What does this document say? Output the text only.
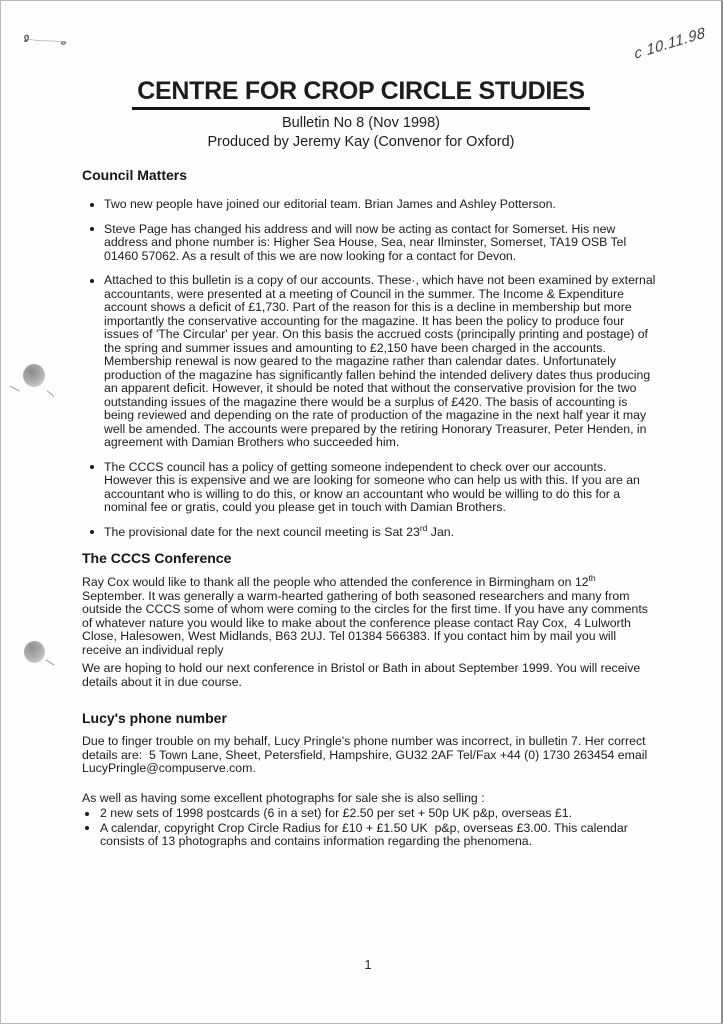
c 10.11.98
CENTRE FOR CROP CIRCLE STUDIES
Bulletin No 8 (Nov 1998)
Produced by Jeremy Kay (Convenor for Oxford)
Council Matters
Two new people have joined our editorial team. Brian James and Ashley Potterson.
Steve Page has changed his address and will now be acting as contact for Somerset. His new address and phone number is: Higher Sea House, Sea, near Ilminster, Somerset, TA19 OSB Tel 01460 57062. As a result of this we are now looking for a contact for Devon.
Attached to this bulletin is a copy of our accounts. These·, which have not been examined by external accountants, were presented at a meeting of Council in the summer. The Income & Expenditure account shows a deficit of £1,730. Part of the reason for this is a decline in membership but more importantly the conservative accounting for the magazine. It has been the policy to produce four issues of 'The Circular' per year. On this basis the accrued costs (principally printing and postage) of the spring and summer issues and amounting to £2,150 have been charged in the accounts. Membership renewal is now geared to the magazine rather than calendar dates. Unfortunately production of the magazine has significantly fallen behind the intended delivery dates thus producing an apparent deficit. However, it should be noted that without the conservative provision for the two outstanding issues of the magazine there would be a surplus of £420. The basis of accounting is being reviewed and depending on the rate of production of the magazine in the next half year it may well be amended. The accounts were prepared by the retiring Honorary Treasurer, Peter Henden, in agreement with Damian Brothers who succeeded him.
The CCCS council has a policy of getting someone independent to check over our accounts. However this is expensive and we are looking for someone who can help us with this. If you are an accountant who is willing to do this, or know an accountant who would be willing to do this for a nominal fee or gratis, could you please get in touch with Damian Brothers.
The provisional date for the next council meeting is Sat 23rd Jan.
The CCCS Conference

Ray Cox would like to thank all the people who attended the conference in Birmingham on 12th September. It was generally a warm-hearted gathering of both seasoned researchers and many from outside the CCCS some of whom were coming to the circles for the first time. If you have any comments of whatever nature you would like to make about the conference please contact Ray Cox,  4 Lulworth Close, Halesowen, West Midlands, B63 2UJ. Tel 01384 566383. If you contact him by mail you will receive an individual reply

We are hoping to hold our next conference in Bristol or Bath in about September 1999. You will receive details about it in due course.

Lucy's phone number

Due to finger trouble on my behalf, Lucy Pringle's phone number was incorrect, in bulletin 7. Her correct details are:  5 Town Lane, Sheet, Petersfield, Hampshire, GU32 2AF Tel/Fax +44 (0) 1730 263454 email LucyPringle@compuserve.com.

As well as having some excellent photographs for sale she is also selling :

2 new sets of 1998 postcards (6 in a set) for £2.50 per set + 50p UK p&p, overseas £1.
A calendar, copyright Crop Circle Radius for £10 + £1.50 UK  p&p, overseas £3.00. This calendar consists of 13 photographs and contains information regarding the phenomena.
1
